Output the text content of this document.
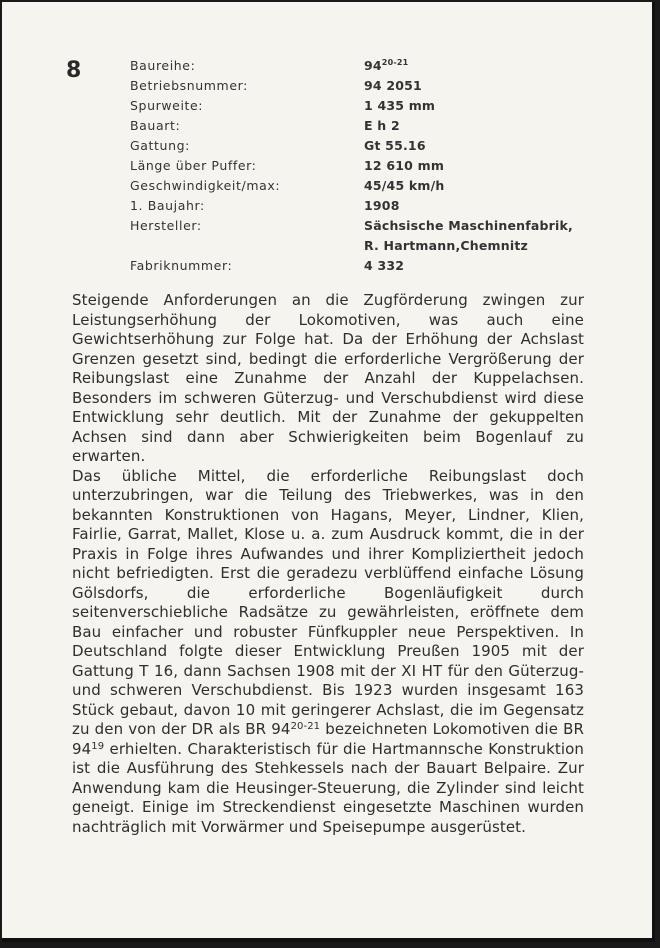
8	Baureihe:	94$^{20-21}$
Betriebsnummer:	94 2051
Spurweite:	1 435 mm
Bauart:	E h 2
Gattung:	Gt 55.16
Länge über Puffer:	12 610 mm
Geschwindigkeit/max:	45/45 km/h
1. Baujahr:	1908
Hersteller:	Sächsische Maschinenfabrik,
R. Hartmann,Chemnitz
Fabriknummer:	4 332

Steigende Anforderungen an die Zugförderung zwingen zur Leistungserhöhung der Lokomotiven, was auch eine Gewichtserhöhung zur Folge hat. Da der Erhöhung der Achslast Grenzen gesetzt sind, bedingt die erforderliche Vergrößerung der Reibungslast eine Zunahme der Anzahl der Kuppelachsen. Besonders im schweren Güterzug- und Verschubdienst wird diese Entwicklung sehr deutlich. Mit der Zunahme der gekuppelten Achsen sind dann aber Schwierigkeiten beim Bogenlauf zu erwarten.

Das übliche Mittel, die erforderliche Reibungslast doch unterzubringen, war die Teilung des Triebwerkes, was in den bekannten Konstruktionen von Hagans, Meyer, Lindner, Klien, Fairlie, Garrat, Mallet, Klose u. a. zum Ausdruck kommt, die in der Praxis in Folge ihres Aufwandes und ihrer Kompliziertheit jedoch nicht befriedigten. Erst die geradezu verblüffend einfache Lösung Gölsdorfs, die erforderliche Bogenläufigkeit durch seitenverschiebliche Radsätze zu gewährleisten, eröffnete dem Bau einfacher und robuster Fünfkuppler neue Perspektiven. In Deutschland folgte dieser Entwicklung Preußen 1905 mit der Gattung T 16, dann Sachsen 1908 mit der XI HT für den Güterzug- und schweren Verschubdienst. Bis 1923 wurden insgesamt 163 Stück gebaut, davon 10 mit geringerer Achslast, die im Gegensatz zu den von der DR als BR 94$^{20-21}$ bezeichneten Lokomotiven die BR $94^{19}$ erhielten. Charakteristisch für die Hartmannsche Konstruktion ist die Ausführung des Stehkessels nach der Bauart Belpaire. Zur Anwendung kam die Heusinger-Steuerung, die Zylinder sind leicht geneigt. Einige im Streckendienst eingesetzte Maschinen wurden nachträglich mit Vorwärmer und Speisepumpe ausgerüstet.
